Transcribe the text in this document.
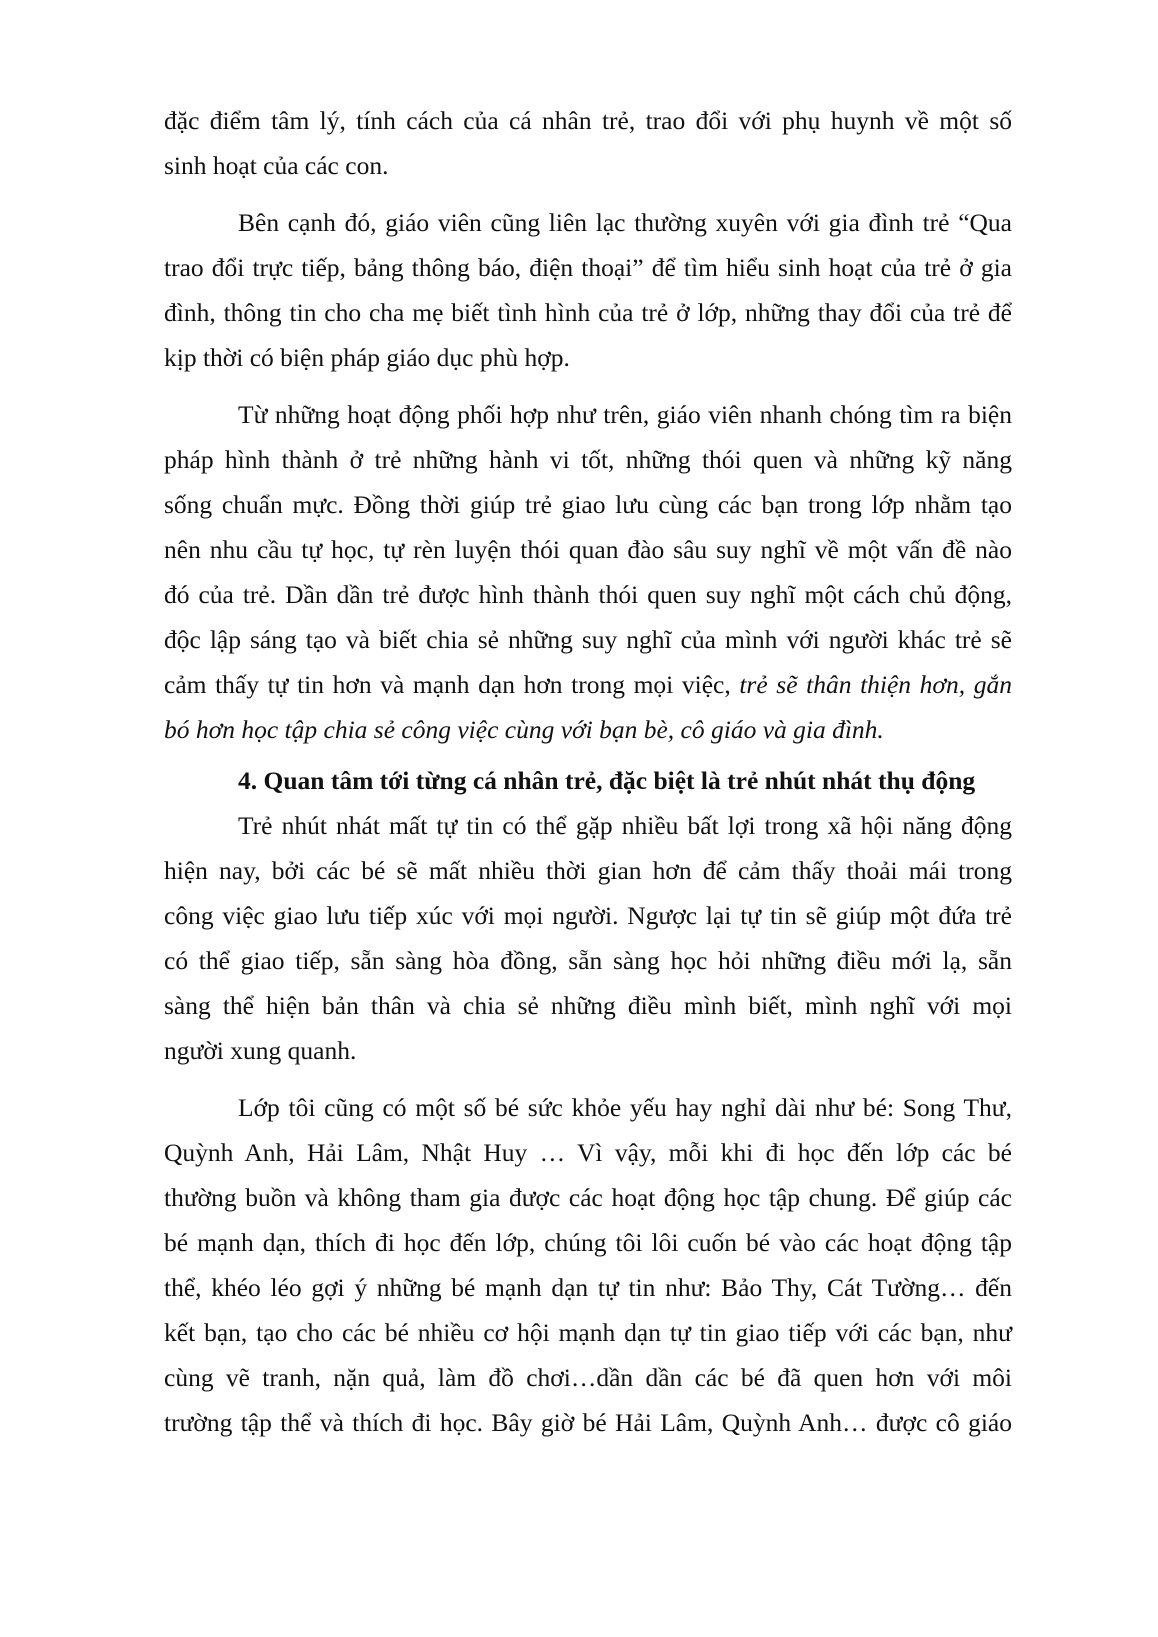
đặc điểm tâm lý, tính cách của cá nhân trẻ, trao đổi với phụ huynh về một số
sinh hoạt của các con.
Bên cạnh đó, giáo viên cũng liên lạc thường xuyên với gia đình trẻ “Qua
trao đổi trực tiếp, bảng thông báo, điện thoại” để tìm hiểu sinh hoạt của trẻ ở gia
đình, thông tin cho cha mẹ biết tình hình của trẻ ở lớp, những thay đổi của trẻ để
kịp thời có biện pháp giáo dục phù hợp.
Từ những hoạt động phối hợp như trên, giáo viên nhanh chóng tìm ra biện
pháp hình thành ở trẻ những hành vi tốt, những thói quen và những kỹ năng
sống chuẩn mực. Đồng thời giúp trẻ giao lưu cùng các bạn trong lớp nhằm tạo
nên nhu cầu tự học, tự rèn luyện thói quan đào sâu suy nghĩ về một vấn đề nào
đó của trẻ. Dần dần trẻ được hình thành thói quen suy nghĩ một cách chủ động,
độc lập sáng tạo và biết chia sẻ những suy nghĩ của mình với người khác trẻ sẽ
cảm thấy tự tin hơn và mạnh dạn hơn trong mọi việc, trẻ sẽ thân thiện hơn, gắn
bó hơn học tập chia sẻ công việc cùng với bạn bè, cô giáo và gia đình.
4. Quan tâm tới từng cá nhân trẻ, đặc biệt là trẻ nhút nhát thụ động
Trẻ nhút nhát mất tự tin có thể gặp nhiều bất lợi trong xã hội năng động
hiện nay, bởi các bé sẽ mất nhiều thời gian hơn để cảm thấy thoải mái trong
công việc giao lưu tiếp xúc với mọi người. Ngược lại tự tin sẽ giúp một đứa trẻ
có thể giao tiếp, sẵn sàng hòa đồng, sẵn sàng học hỏi những điều mới lạ, sẵn
sàng thể hiện bản thân và chia sẻ những điều mình biết, mình nghĩ với mọi
người xung quanh.
Lớp tôi cũng có một số bé sức khỏe yếu hay nghỉ dài như bé: Song Thư,
Quỳnh Anh, Hải Lâm, Nhật Huy … Vì vậy, mỗi khi đi học đến lớp các bé
thường buồn và không tham gia được các hoạt động học tập chung. Để giúp các
bé mạnh dạn, thích đi học đến lớp, chúng tôi lôi cuốn bé vào các hoạt động tập
thể, khéo léo gợi ý những bé mạnh dạn tự tin như: Bảo Thy, Cát Tường… đến
kết bạn, tạo cho các bé nhiều cơ hội mạnh dạn tự tin giao tiếp với các bạn, như
cùng vẽ tranh, nặn quả, làm đồ chơi…dần dần các bé đã quen hơn với môi
trường tập thể và thích đi học. Bây giờ bé Hải Lâm, Quỳnh Anh… được cô giáo
